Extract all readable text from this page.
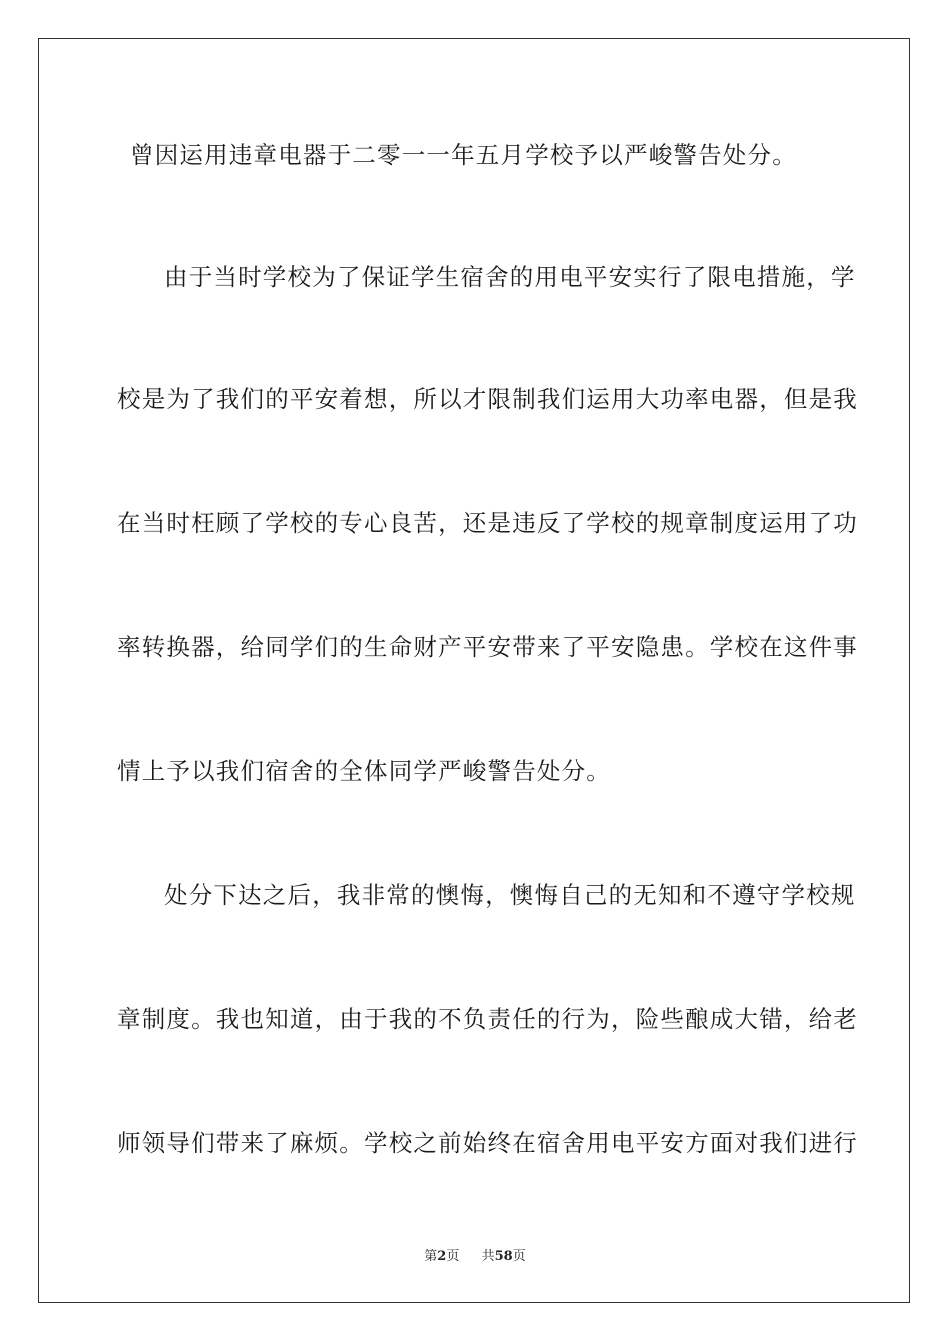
曾因运用违章电器于二零一一年五月学校予以严峻警告处分。
由于当时学校为了保证学生宿舍的用电平安实行了限电措施，学
校是为了我们的平安着想，所以才限制我们运用大功率电器，但是我
在当时枉顾了学校的专心良苦，还是违反了学校的规章制度运用了功
率转换器，给同学们的生命财产平安带来了平安隐患。学校在这件事
情上予以我们宿舍的全体同学严峻警告处分。
处分下达之后，我非常的懊悔，懊悔自己的无知和不遵守学校规
章制度。我也知道，由于我的不负责任的行为，险些酿成大错，给老
师领导们带来了麻烦。学校之前始终在宿舍用电平安方面对我们进行
第2页 共58页
